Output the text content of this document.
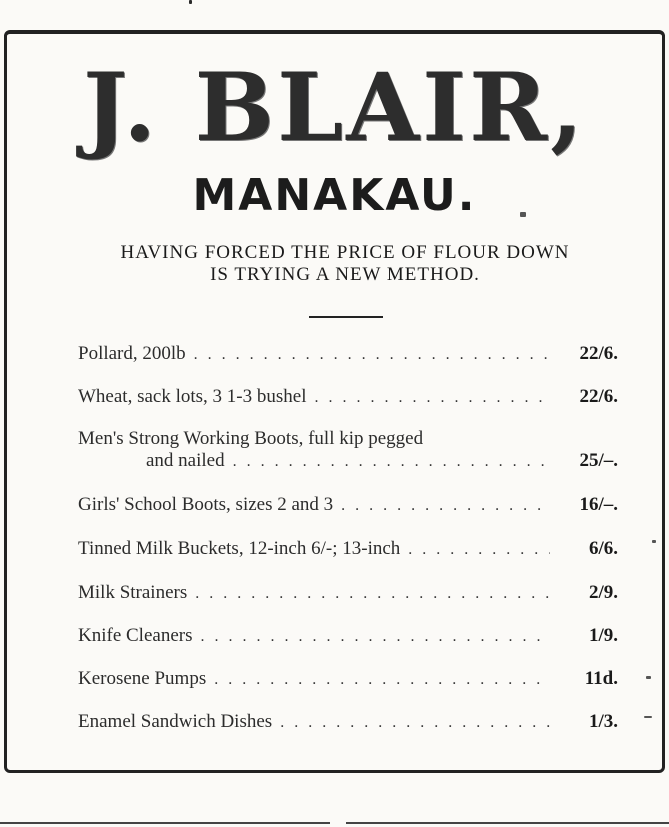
J. BLAIR,
MANAKAU.
HAVING FORCED THE PRICE OF FLOUR DOWN
IS TRYING A NEW METHOD.
Pollard, 200lb . . .	22/6.
Wheat, sack lots, 3 1-3 bushel . . .	22/6.
Men's Strong Working Boots, full kip pegged
and nailed . . .	25/–.
Girls' School Boots, sizes 2 and 3 . . .	16/–.
Tinned Milk Buckets, 12-inch 6/-; 13-inch . . .	6/6.
Milk Strainers . . .	2/9.
Knife Cleaners . . .	1/9.
Kerosene Pumps . . .	11d.
Enamel Sandwich Dishes . . .	1/3.
